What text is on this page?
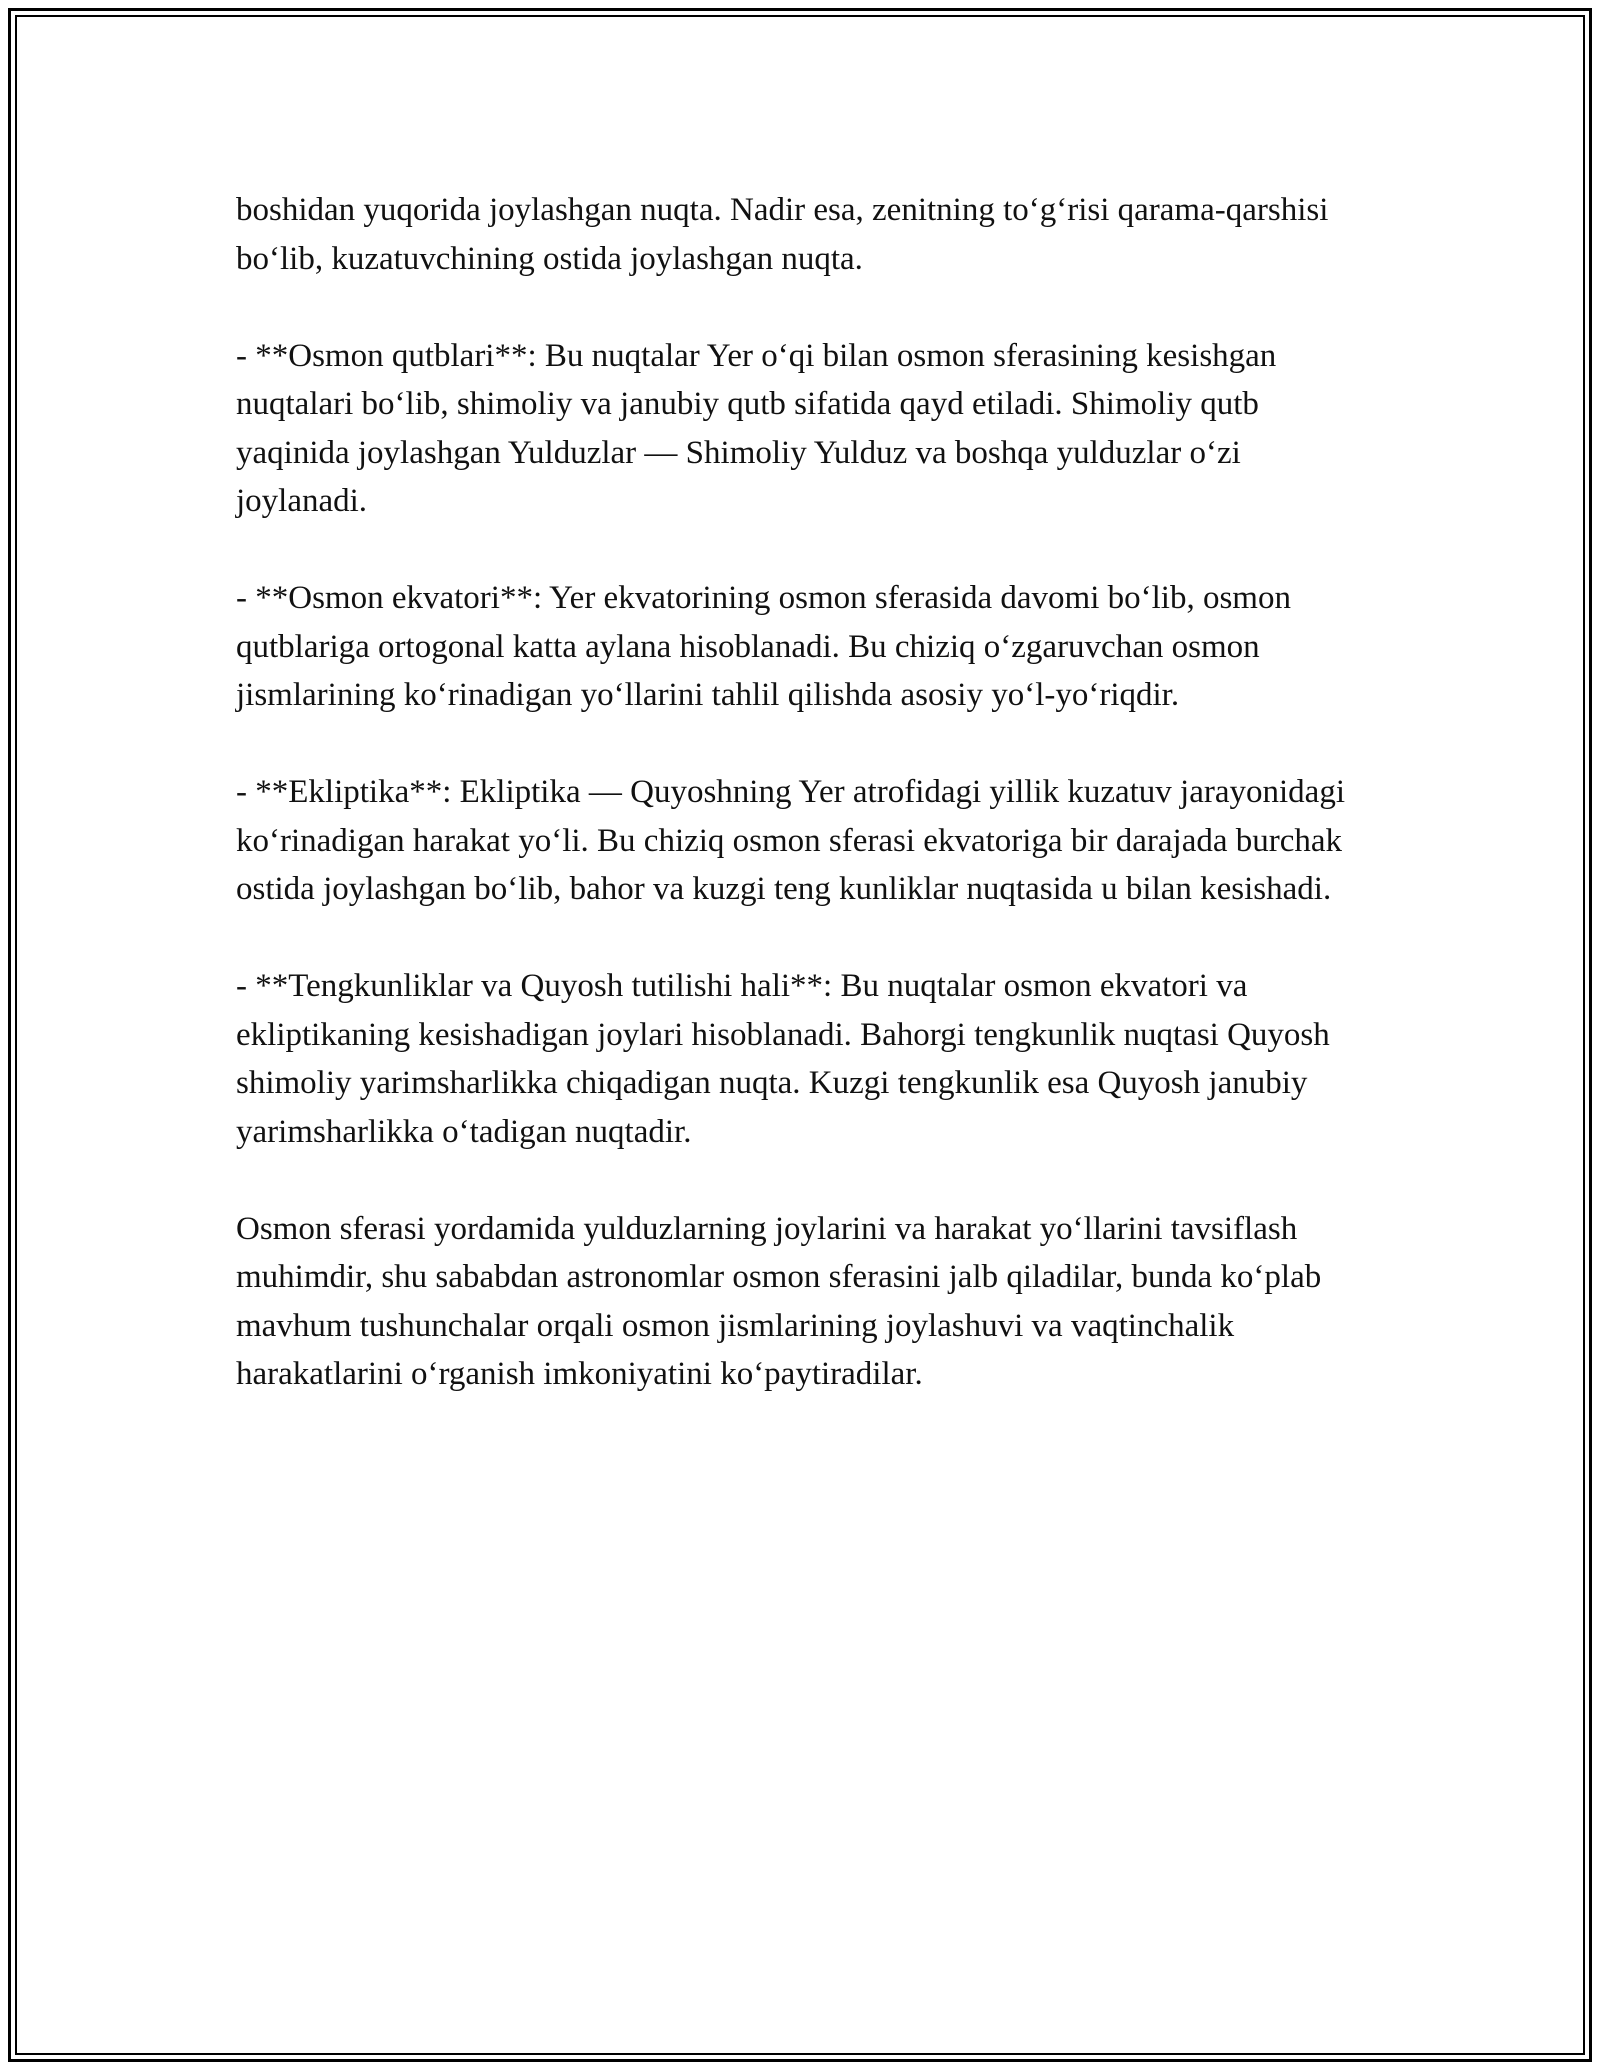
boshidan yuqorida joylashgan nuqta. Nadir esa, zenitning to‘g‘risi qarama-qarshisi bo‘lib, kuzatuvchining ostida joylashgan nuqta.

- **Osmon qutblari**: Bu nuqtalar Yer o‘qi bilan osmon sferasining kesishgan nuqtalari bo‘lib, shimoliy va janubiy qutb sifatida qayd etiladi. Shimoliy qutb yaqinida joylashgan Yulduzlar — Shimoliy Yulduz va boshqa yulduzlar o‘zi joylanadi.

- **Osmon ekvatori**: Yer ekvatorining osmon sferasida davomi bo‘lib, osmon qutblariga ortogonal katta aylana hisoblanadi. Bu chiziq o‘zgaruvchan osmon jismlarining ko‘rinadigan yo‘llarini tahlil qilishda asosiy yo‘l-yo‘riqdir.

- **Ekliptika**: Ekliptika — Quyoshning Yer atrofidagi yillik kuzatuv jarayonidagi ko‘rinadigan harakat yo‘li. Bu chiziq osmon sferasi ekvatoriga bir darajada burchak ostida joylashgan bo‘lib, bahor va kuzgi teng kunliklar nuqtasida u bilan kesishadi.

- **Tengkunliklar va Quyosh tutilishi hali**: Bu nuqtalar osmon ekvatori va ekliptikaning kesishadigan joylari hisoblanadi. Bahorgi tengkunlik nuqtasi Quyosh shimoliy yarimsharlikka chiqadigan nuqta. Kuzgi tengkunlik esa Quyosh janubiy yarimsharlikka o‘tadigan nuqtadir.

Osmon sferasi yordamida yulduzlarning joylarini va harakat yo‘llarini tavsiflash muhimdir, shu sababdan astronomlar osmon sferasini jalb qiladilar, bunda ko‘plab mavhum tushunchalar orqali osmon jismlarining joylashuvi va vaqtinchalik harakatlarini o‘rganish imkoniyatini ko‘paytiradilar.
